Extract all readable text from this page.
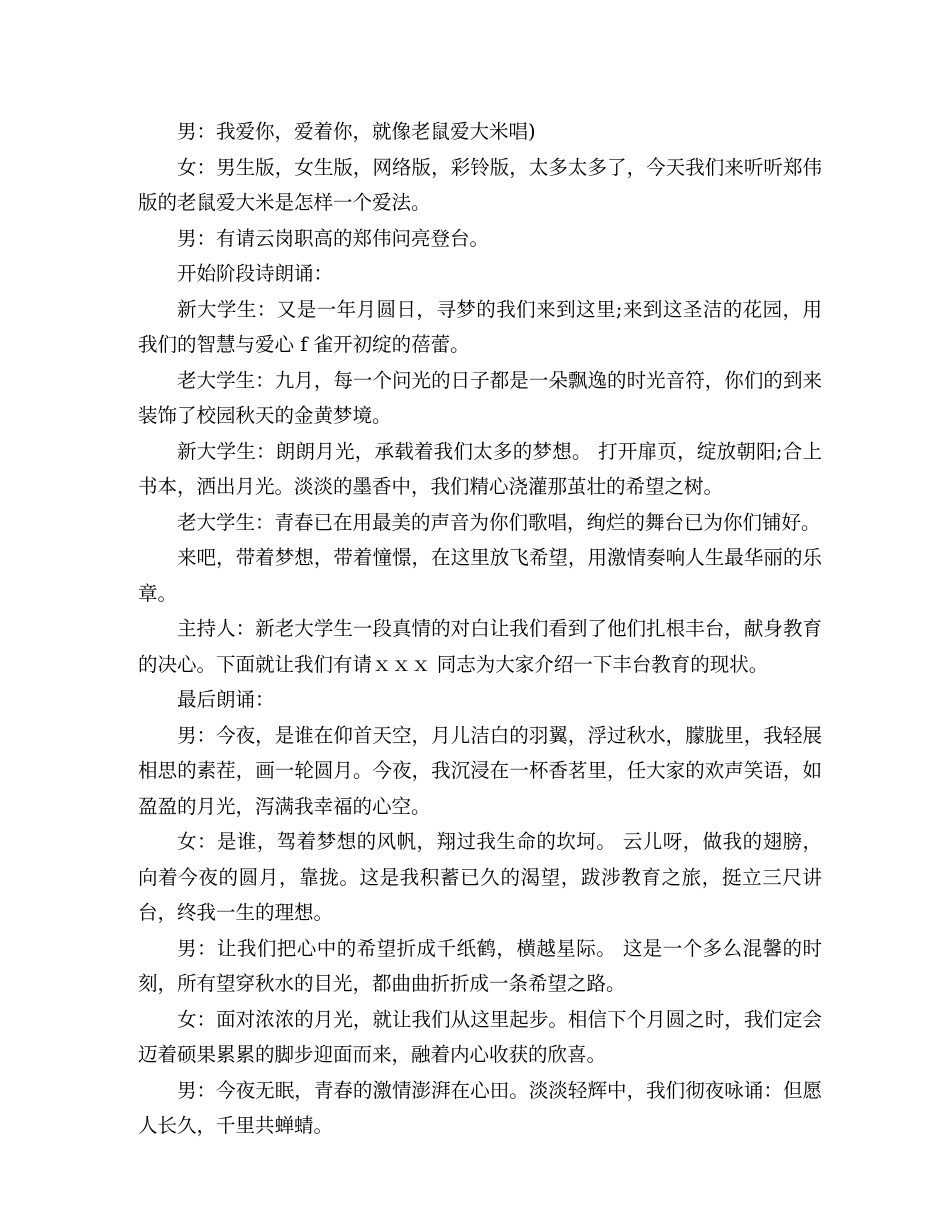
男：我爱你，爱着你，就像老鼠爱大米唱)

女：男生版，女生版，网络版，彩铃版，太多太多了，今天我们来听听郑伟版的老鼠爱大米是怎样一个爱法。

男：有请云岗职高的郑伟问亮登台。

开始阶段诗朗诵：

新大学生：又是一年月圆日，寻梦的我们来到这里;来到这圣洁的花园，用我们的智慧与爱心 f 雀开初绽的蓓蕾。

老大学生：九月，每一个问光的日子都是一朵飘逸的时光音符，你们的到来装饰了校园秋天的金黄梦境。

新大学生：朗朗月光，承载着我们太多的梦想。 打开扉页，绽放朝阳;合上书本，洒出月光。淡淡的墨香中，我们精心浇灌那茧壮的希望之树。

老大学生：青春已在用最美的声音为你们歌唱，绚烂的舞台已为你们铺好。

来吧，带着梦想，带着憧憬，在这里放飞希望，用激情奏响人生最华丽的乐章。

主持人：新老大学生一段真情的对白让我们看到了他们扎根丰台，献身教育的决心。下面就让我们有请ｘｘｘ 同志为大家介绍一下丰台教育的现状。

最后朗诵：

男：今夜，是谁在仰首天空，月儿洁白的羽翼，浮过秋水，朦胧里，我轻展相思的素茬，画一轮圆月。今夜，我沉浸在一杯香茗里，任大家的欢声笑语，如盈盈的月光，泻满我幸福的心空。

女：是谁，驾着梦想的风帆，翔过我生命的坎坷。 云儿呀，做我的翅膀，向着今夜的圆月，靠拢。这是我积蓄已久的渴望，跋涉教育之旅，挺立三尺讲台，终我一生的理想。

男：让我们把心中的希望折成千纸鹤，横越星际。 这是一个多么混馨的时刻，所有望穿秋水的目光，都曲曲折折成一条希望之路。

女：面对浓浓的月光，就让我们从这里起步。相信下个月圆之时，我们定会迈着硕果累累的脚步迎面而来，融着内心收获的欣喜。

男：今夜无眠，青春的激情澎湃在心田。淡淡轻辉中，我们彻夜咏诵：但愿人长久，千里共蝉蜻。
